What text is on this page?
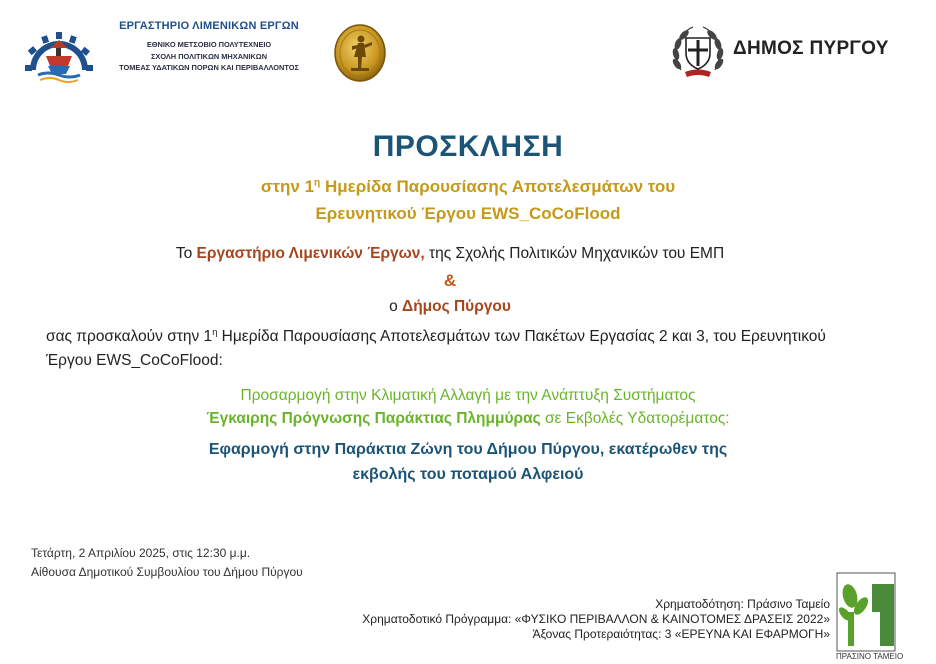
ΕΡΓΑΣΤΗΡΙΟ ΛΙΜΕΝΙΚΩΝ ΕΡΓΩΝ
ΕΘΝΙΚΟ ΜΕΤΣΟΒΙΟ ΠΟΛΥΤΕΧΝΕΙΟ
ΣΧΟΛΗ ΠΟΛΙΤΙΚΩΝ ΜΗΧΑΝΙΚΩΝ
ΤΟΜΕΑΣ ΥΔΑΤΙΚΩΝ ΠΟΡΩΝ ΚΑΙ ΠΕΡΙΒΑΛΛΟΝΤΟΣ
ΔΗΜΟΣ ΠΥΡΓΟΥ
ΠΡΟΣΚΛΗΣΗ
στην $1^\eta$ Ημερίδα Παρουσίασης Αποτελεσμάτων του
Ερευνητικού Έργου EWS_CoCoFlood
Το Εργαστήριο Λιμενικών Έργων, της Σχολής Πολιτικών Μηχανικών του ΕΜΠ
&
ο Δήμος Πύργου
σας προσκαλούν στην $1^\eta$ Ημερίδα Παρουσίασης Αποτελεσμάτων των Πακέτων Εργασίας 2 και 3, του Ερευνητικού Έργου EWS_CoCoFlood:
Προσαρμογή στην Κλιματική Αλλαγή με την Ανάπτυξη Συστήματος
Έγκαιρης Πρόγνωσης Παράκτιας Πλημμύρας σε Εκβολές Υδατορέματος:
Εφαρμογή στην Παράκτια Ζώνη του Δήμου Πύργου, εκατέρωθεν της
εκβολής του ποταμού Αλφειού
Τετάρτη, 2 Απριλίου 2025, στις 12:30 μ.μ.
Αίθουσα Δημοτικού Συμβουλίου του Δήμου Πύργου
Χρηματοδότηση: Πράσινο Ταμείο
Χρηματοδοτικό Πρόγραμμα: «ΦΥΣΙΚΟ ΠΕΡΙΒΑΛΛΟΝ & ΚΑΙΝΟΤΟΜΕΣ ΔΡΑΣΕΙΣ 2022»
Άξονας Προτεραιότητας: 3 «ΕΡΕΥΝΑ ΚΑΙ ΕΦΑΡΜΟΓΗ»
ΠΡΑΣΙΝΟ ΤΑΜΕΙΟ
